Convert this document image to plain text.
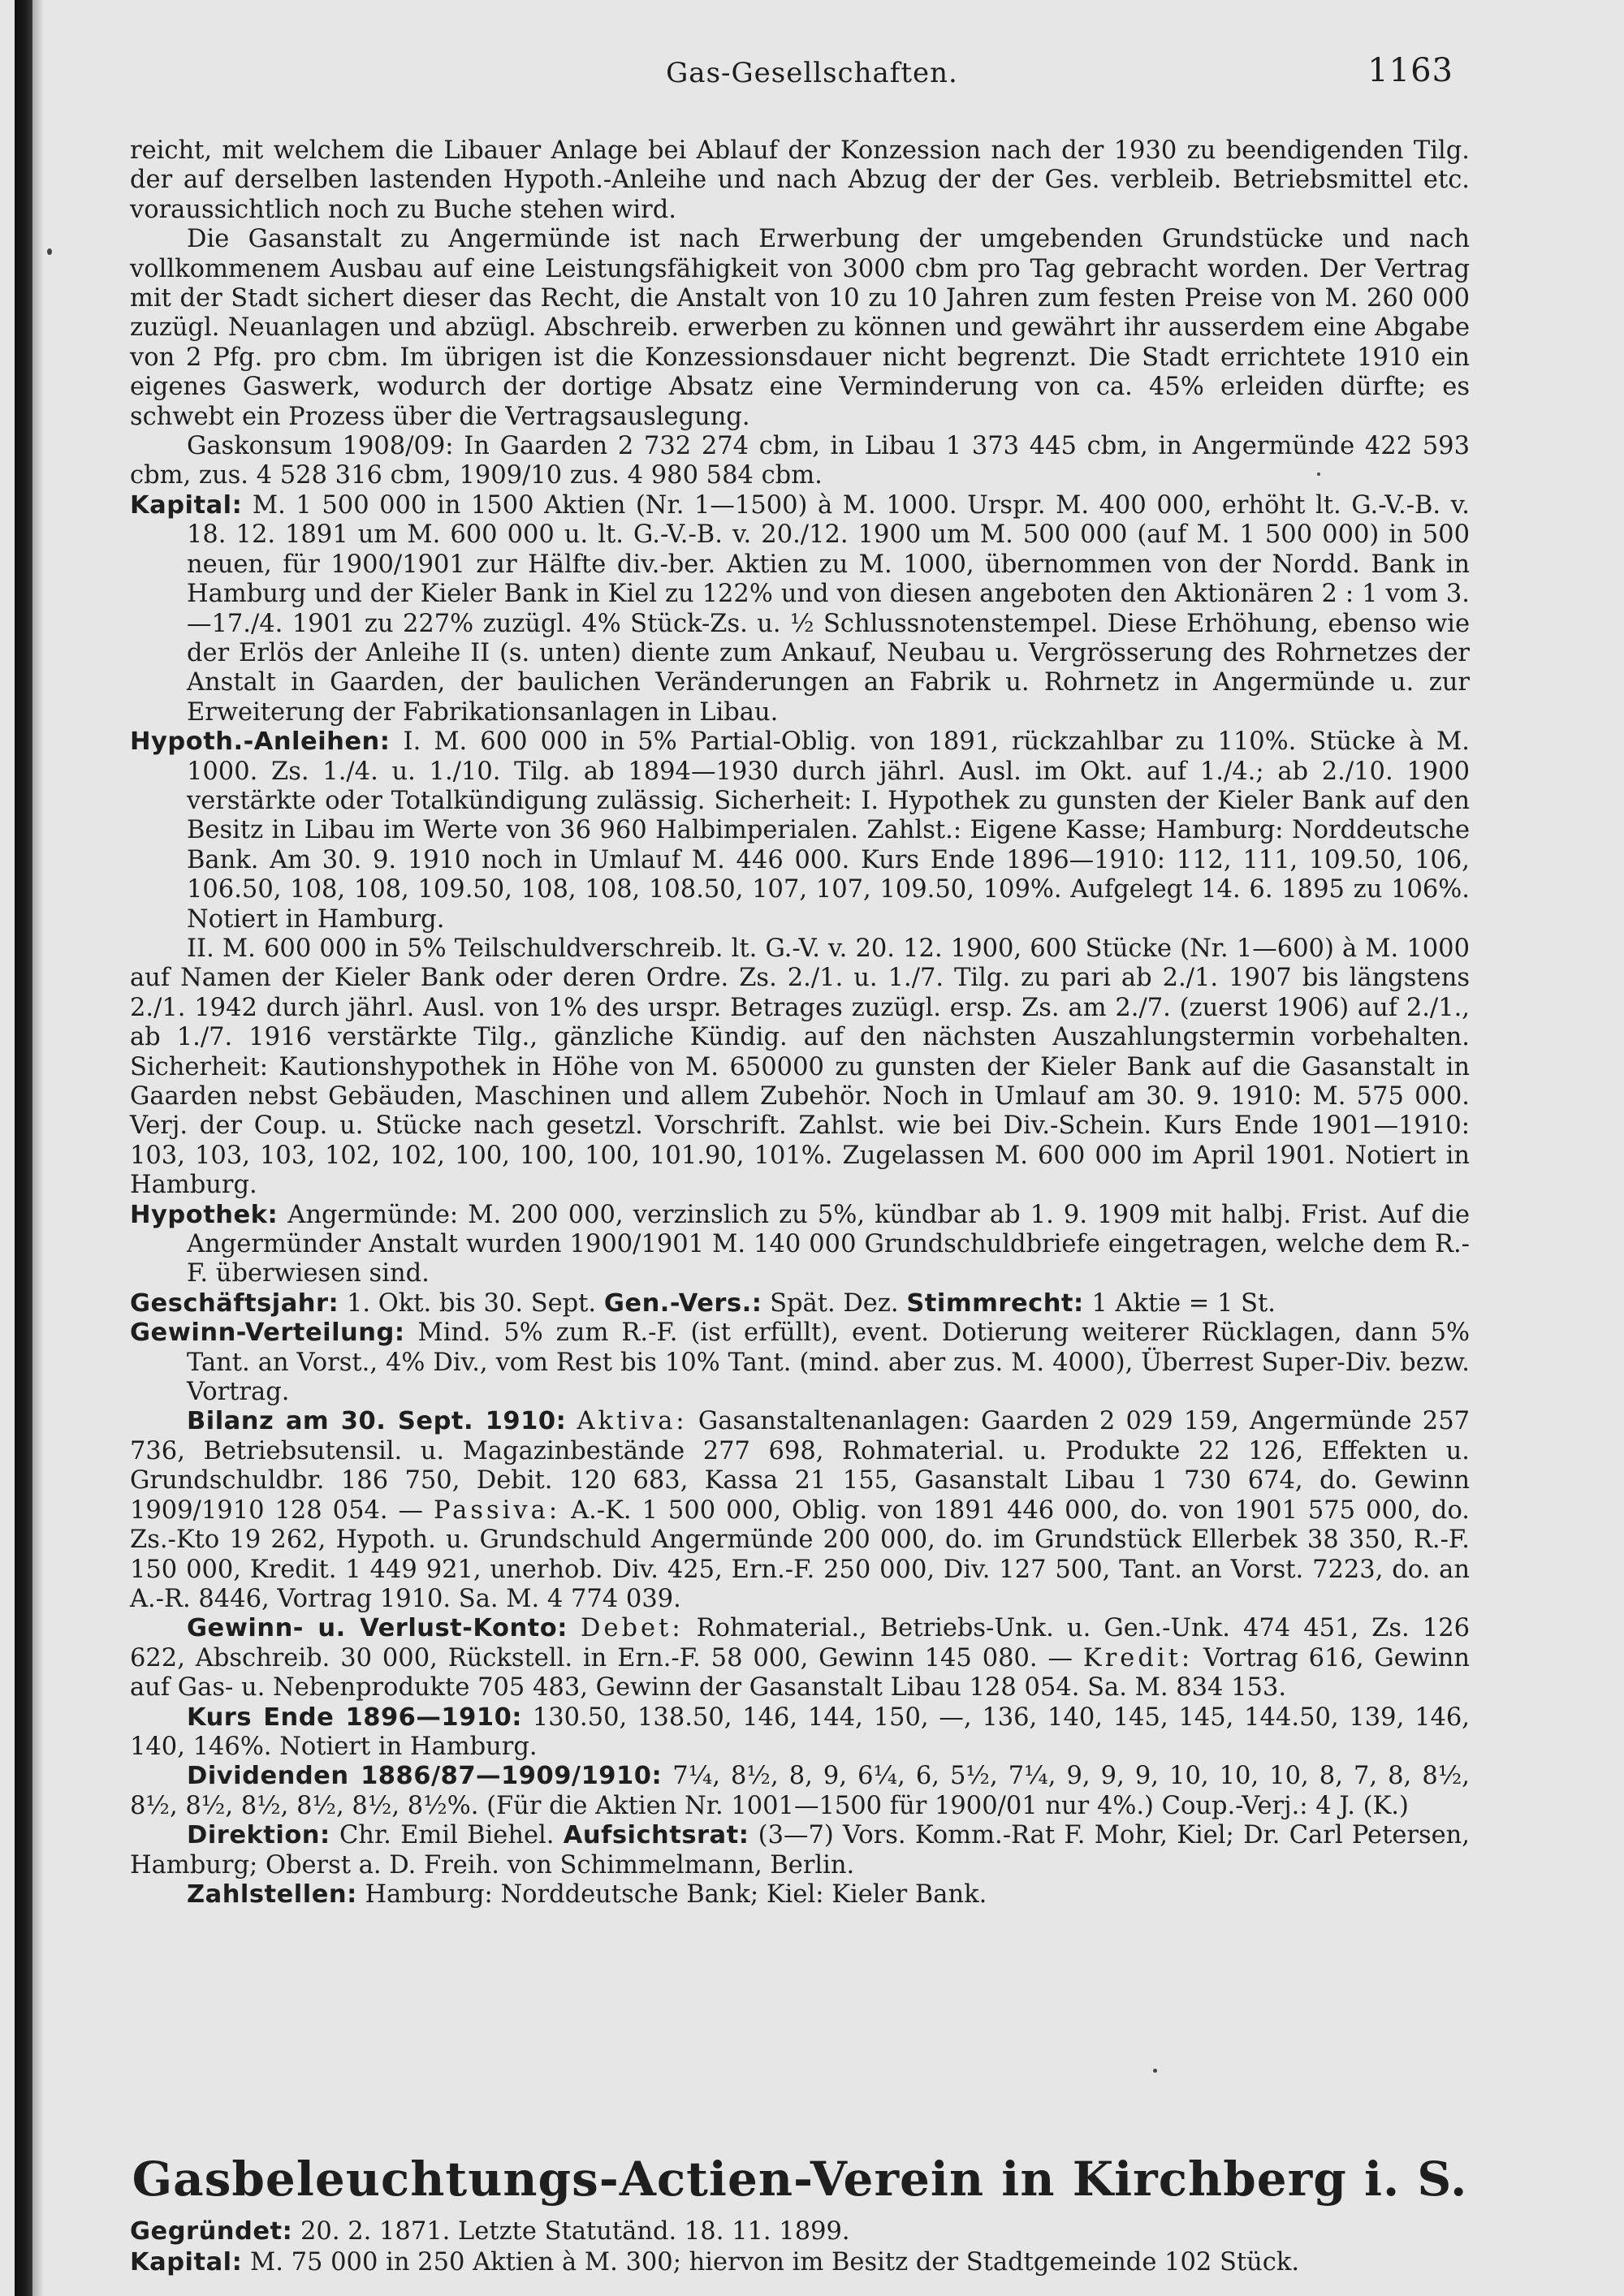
Gas-Gesellschaften.	1163

reicht, mit welchem die Libauer Anlage bei Ablauf der Konzession nach der 1930 zu beendigenden Tilg. der auf derselben lastenden Hypoth.-Anleihe und nach Abzug der der Ges. verbleib. Betriebsmittel etc. voraussichtlich noch zu Buche stehen wird.

Die Gasanstalt zu Angermünde ist nach Erwerbung der umgebenden Grundstücke und nach vollkommenem Ausbau auf eine Leistungsfähigkeit von 3000 cbm pro Tag gebracht worden. Der Vertrag mit der Stadt sichert dieser das Recht, die Anstalt von 10 zu 10 Jahren zum festen Preise von M. 260 000 zuzügl. Neuanlagen und abzügl. Abschreib. erwerben zu können und gewährt ihr ausserdem eine Abgabe von 2 Pfg. pro cbm. Im übrigen ist die Konzessionsdauer nicht begrenzt. Die Stadt errichtete 1910 ein eigenes Gaswerk, wodurch der dortige Absatz eine Verminderung von ca. 45% erleiden dürfte; es schwebt ein Prozess über die Vertragsauslegung.

Gaskonsum 1908/09: In Gaarden 2 732 274 cbm, in Libau 1 373 445 cbm, in Angermünde 422 593 cbm, zus. 4 528 316 cbm, 1909/10 zus. 4 980 584 cbm.

Kapital: M. 1 500 000 in 1500 Aktien (Nr. 1—1500) à M. 1000. Urspr. M. 400 000, erhöht lt. G.-V.-B. v. 18. 12. 1891 um M. 600 000 u. lt. G.-V.-B. v. 20./12. 1900 um M. 500 000 (auf M. 1 500 000) in 500 neuen, für 1900/1901 zur Hälfte div.-ber. Aktien zu M. 1000, übernommen von der Nordd. Bank in Hamburg und der Kieler Bank in Kiel zu 122% und von diesen angeboten den Aktionären 2 : 1 vom 3.—17./4. 1901 zu 227% zuzügl. 4% Stück-Zs. u. ½ Schlussnotenstempel. Diese Erhöhung, ebenso wie der Erlös der Anleihe II (s. unten) diente zum Ankauf, Neubau u. Vergrösserung des Rohrnetzes der Anstalt in Gaarden, der baulichen Veränderungen an Fabrik u. Rohrnetz in Angermünde u. zur Erweiterung der Fabrikationsanlagen in Libau.

Hypoth.-Anleihen: I. M. 600 000 in 5% Partial-Oblig. von 1891, rückzahlbar zu 110%. Stücke à M. 1000. Zs. 1./4. u. 1./10. Tilg. ab 1894—1930 durch jährl. Ausl. im Okt. auf 1./4.; ab 2./10. 1900 verstärkte oder Totalkündigung zulässig. Sicherheit: I. Hypothek zu gunsten der Kieler Bank auf den Besitz in Libau im Werte von 36 960 Halbimperialen. Zahlst.: Eigene Kasse; Hamburg: Norddeutsche Bank. Am 30. 9. 1910 noch in Umlauf M. 446 000. Kurs Ende 1896—1910: 112, 111, 109.50, 106, 106.50, 108, 108, 109.50, 108, 108, 108.50, 107, 107, 109.50, 109%. Aufgelegt 14. 6. 1895 zu 106%. Notiert in Hamburg.

II. M. 600 000 in 5% Teilschuldverschreib. lt. G.-V. v. 20. 12. 1900, 600 Stücke (Nr. 1—600) à M. 1000 auf Namen der Kieler Bank oder deren Ordre. Zs. 2./1. u. 1./7. Tilg. zu pari ab 2./1. 1907 bis längstens 2./1. 1942 durch jährl. Ausl. von 1% des urspr. Betrages zuzügl. ersp. Zs. am 2./7. (zuerst 1906) auf 2./1., ab 1./7. 1916 verstärkte Tilg., gänzliche Kündig. auf den nächsten Auszahlungstermin vorbehalten. Sicherheit: Kautionshypothek in Höhe von M. 650000 zu gunsten der Kieler Bank auf die Gasanstalt in Gaarden nebst Gebäuden, Maschinen und allem Zubehör. Noch in Umlauf am 30. 9. 1910: M. 575 000. Verj. der Coup. u. Stücke nach gesetzl. Vorschrift. Zahlst. wie bei Div.-Schein. Kurs Ende 1901—1910: 103, 103, 103, 102, 102, 100, 100, 100, 101.90, 101%. Zugelassen M. 600 000 im April 1901. Notiert in Hamburg.

Hypothek: Angermünde: M. 200 000, verzinslich zu 5%, kündbar ab 1. 9. 1909 mit halbj. Frist. Auf die Angermünder Anstalt wurden 1900/1901 M. 140 000 Grundschuldbriefe eingetragen, welche dem R.-F. überwiesen sind.

Geschäftsjahr: 1. Okt. bis 30. Sept. Gen.-Vers.: Spät. Dez. Stimmrecht: 1 Aktie = 1 St.

Gewinn-Verteilung: Mind. 5% zum R.-F. (ist erfüllt), event. Dotierung weiterer Rücklagen, dann 5% Tant. an Vorst., 4% Div., vom Rest bis 10% Tant. (mind. aber zus. M. 4000), Überrest Super-Div. bezw. Vortrag.

Bilanz am 30. Sept. 1910: Aktiva: Gasanstaltenanlagen: Gaarden 2 029 159, Angermünde 257 736, Betriebsutensil. u. Magazinbestände 277 698, Rohmaterial. u. Produkte 22 126, Effekten u. Grundschuldbr. 186 750, Debit. 120 683, Kassa 21 155, Gasanstalt Libau 1 730 674, do. Gewinn 1909/1910 128 054. — Passiva: A.-K. 1 500 000, Oblig. von 1891 446 000, do. von 1901 575 000, do. Zs.-Kto 19 262, Hypoth. u. Grundschuld Angermünde 200 000, do. im Grundstück Ellerbek 38 350, R.-F. 150 000, Kredit. 1 449 921, unerhob. Div. 425, Ern.-F. 250 000, Div. 127 500, Tant. an Vorst. 7223, do. an A.-R. 8446, Vortrag 1910. Sa. M. 4 774 039.

Gewinn- u. Verlust-Konto: Debet: Rohmaterial., Betriebs-Unk. u. Gen.-Unk. 474 451, Zs. 126 622, Abschreib. 30 000, Rückstell. in Ern.-F. 58 000, Gewinn 145 080. — Kredit: Vortrag 616, Gewinn auf Gas- u. Nebenprodukte 705 483, Gewinn der Gasanstalt Libau 128 054. Sa. M. 834 153.

Kurs Ende 1896—1910: 130.50, 138.50, 146, 144, 150, —, 136, 140, 145, 145, 144.50, 139, 146, 140, 146%. Notiert in Hamburg.

Dividenden 1886/87—1909/1910: 7¼, 8½, 8, 9, 6¼, 6, 5½, 7¼, 9, 9, 9, 10, 10, 10, 8, 7, 8, 8½, 8½, 8½, 8½, 8½, 8½, 8½%. (Für die Aktien Nr. 1001—1500 für 1900/01 nur 4%.) Coup.-Verj.: 4 J. (K.)

Direktion: Chr. Emil Biehel. Aufsichtsrat: (3—7) Vors. Komm.-Rat F. Mohr, Kiel; Dr. Carl Petersen, Hamburg; Oberst a. D. Freih. von Schimmelmann, Berlin.

Zahlstellen: Hamburg: Norddeutsche Bank; Kiel: Kieler Bank.

Gasbeleuchtungs-Actien-Verein in Kirchberg i. S.

Gegründet: 20. 2. 1871. Letzte Statutänd. 18. 11. 1899.

Kapital: M. 75 000 in 250 Aktien à M. 300; hiervon im Besitz der Stadtgemeinde 102 Stück.
